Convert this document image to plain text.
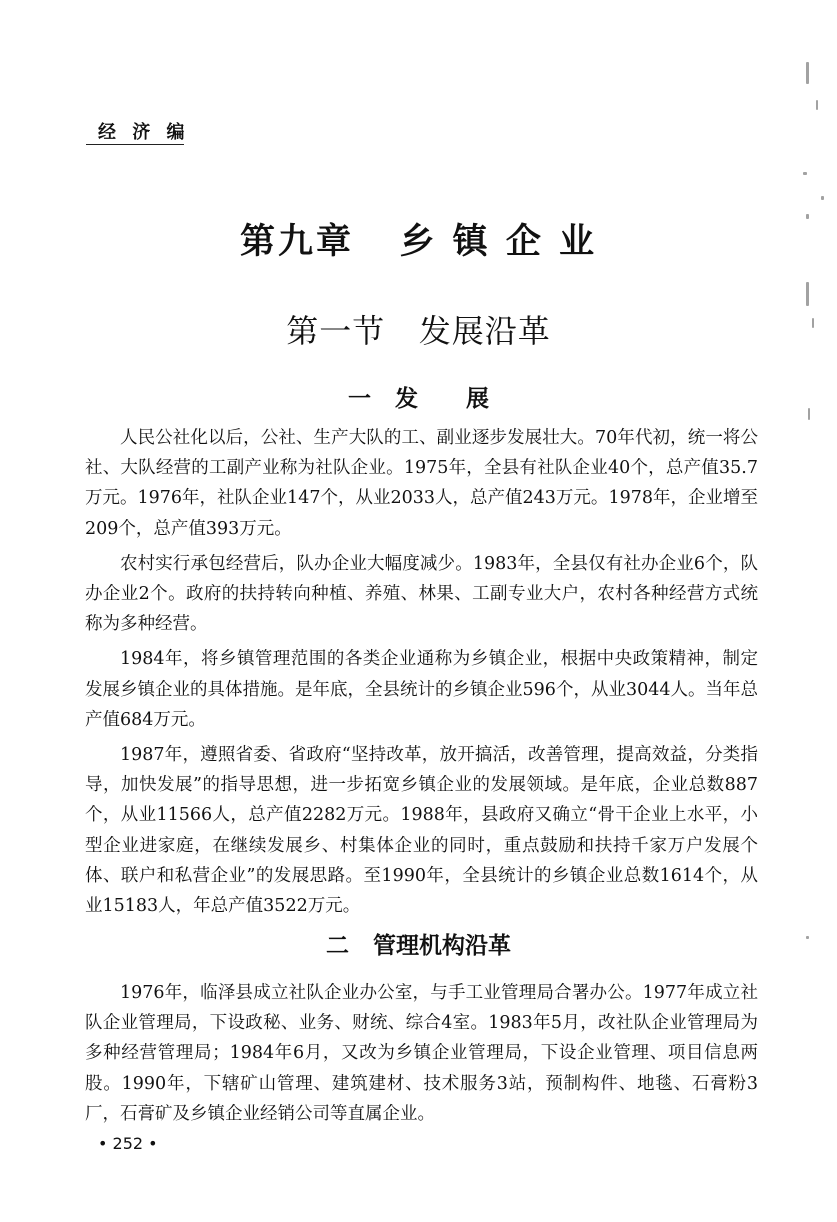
经 济 编
第九章   乡 镇 企 业
第一节   发展沿革
一   发      展

人民公社化以后，公社、生产大队的工、副业逐步发展壮大。70年代初，统一将公社、大队经营的工副产业称为社队企业。1975年，全县有社队企业40个，总产值35.7万元。1976年，社队企业147个，从业2033人，总产值243万元。1978年，企业增至209个，总产值393万元。

农村实行承包经营后，队办企业大幅度减少。1983年，全县仅有社办企业6个，队办企业2个。政府的扶持转向种植、养殖、林果、工副专业大户，农村各种经营方式统称为多种经营。

1984年，将乡镇管理范围的各类企业通称为乡镇企业，根据中央政策精神，制定发展乡镇企业的具体措施。是年底，全县统计的乡镇企业596个，从业3044人。当年总产值684万元。

1987年，遵照省委、省政府“坚持改革，放开搞活，改善管理，提高效益，分类指导，加快发展”的指导思想，进一步拓宽乡镇企业的发展领域。是年底，企业总数887个，从业11566人，总产值2282万元。1988年，县政府又确立“骨干企业上水平，小型企业进家庭，在继续发展乡、村集体企业的同时，重点鼓励和扶持千家万户发展个体、联户和私营企业”的发展思路。至1990年，全县统计的乡镇企业总数1614个，从业15183人，年总产值3522万元。

二   管理机构沿革

1976年，临泽县成立社队企业办公室，与手工业管理局合署办公。1977年成立社队企业管理局，下设政秘、业务、财统、综合4室。1983年5月，改社队企业管理局为多种经营管理局；1984年6月，又改为乡镇企业管理局，下设企业管理、项目信息两股。1990年，下辖矿山管理、建筑建材、技术服务3站，预制构件、地毯、石膏粉3厂，石膏矿及乡镇企业经销公司等直属企业。

• 252 •
